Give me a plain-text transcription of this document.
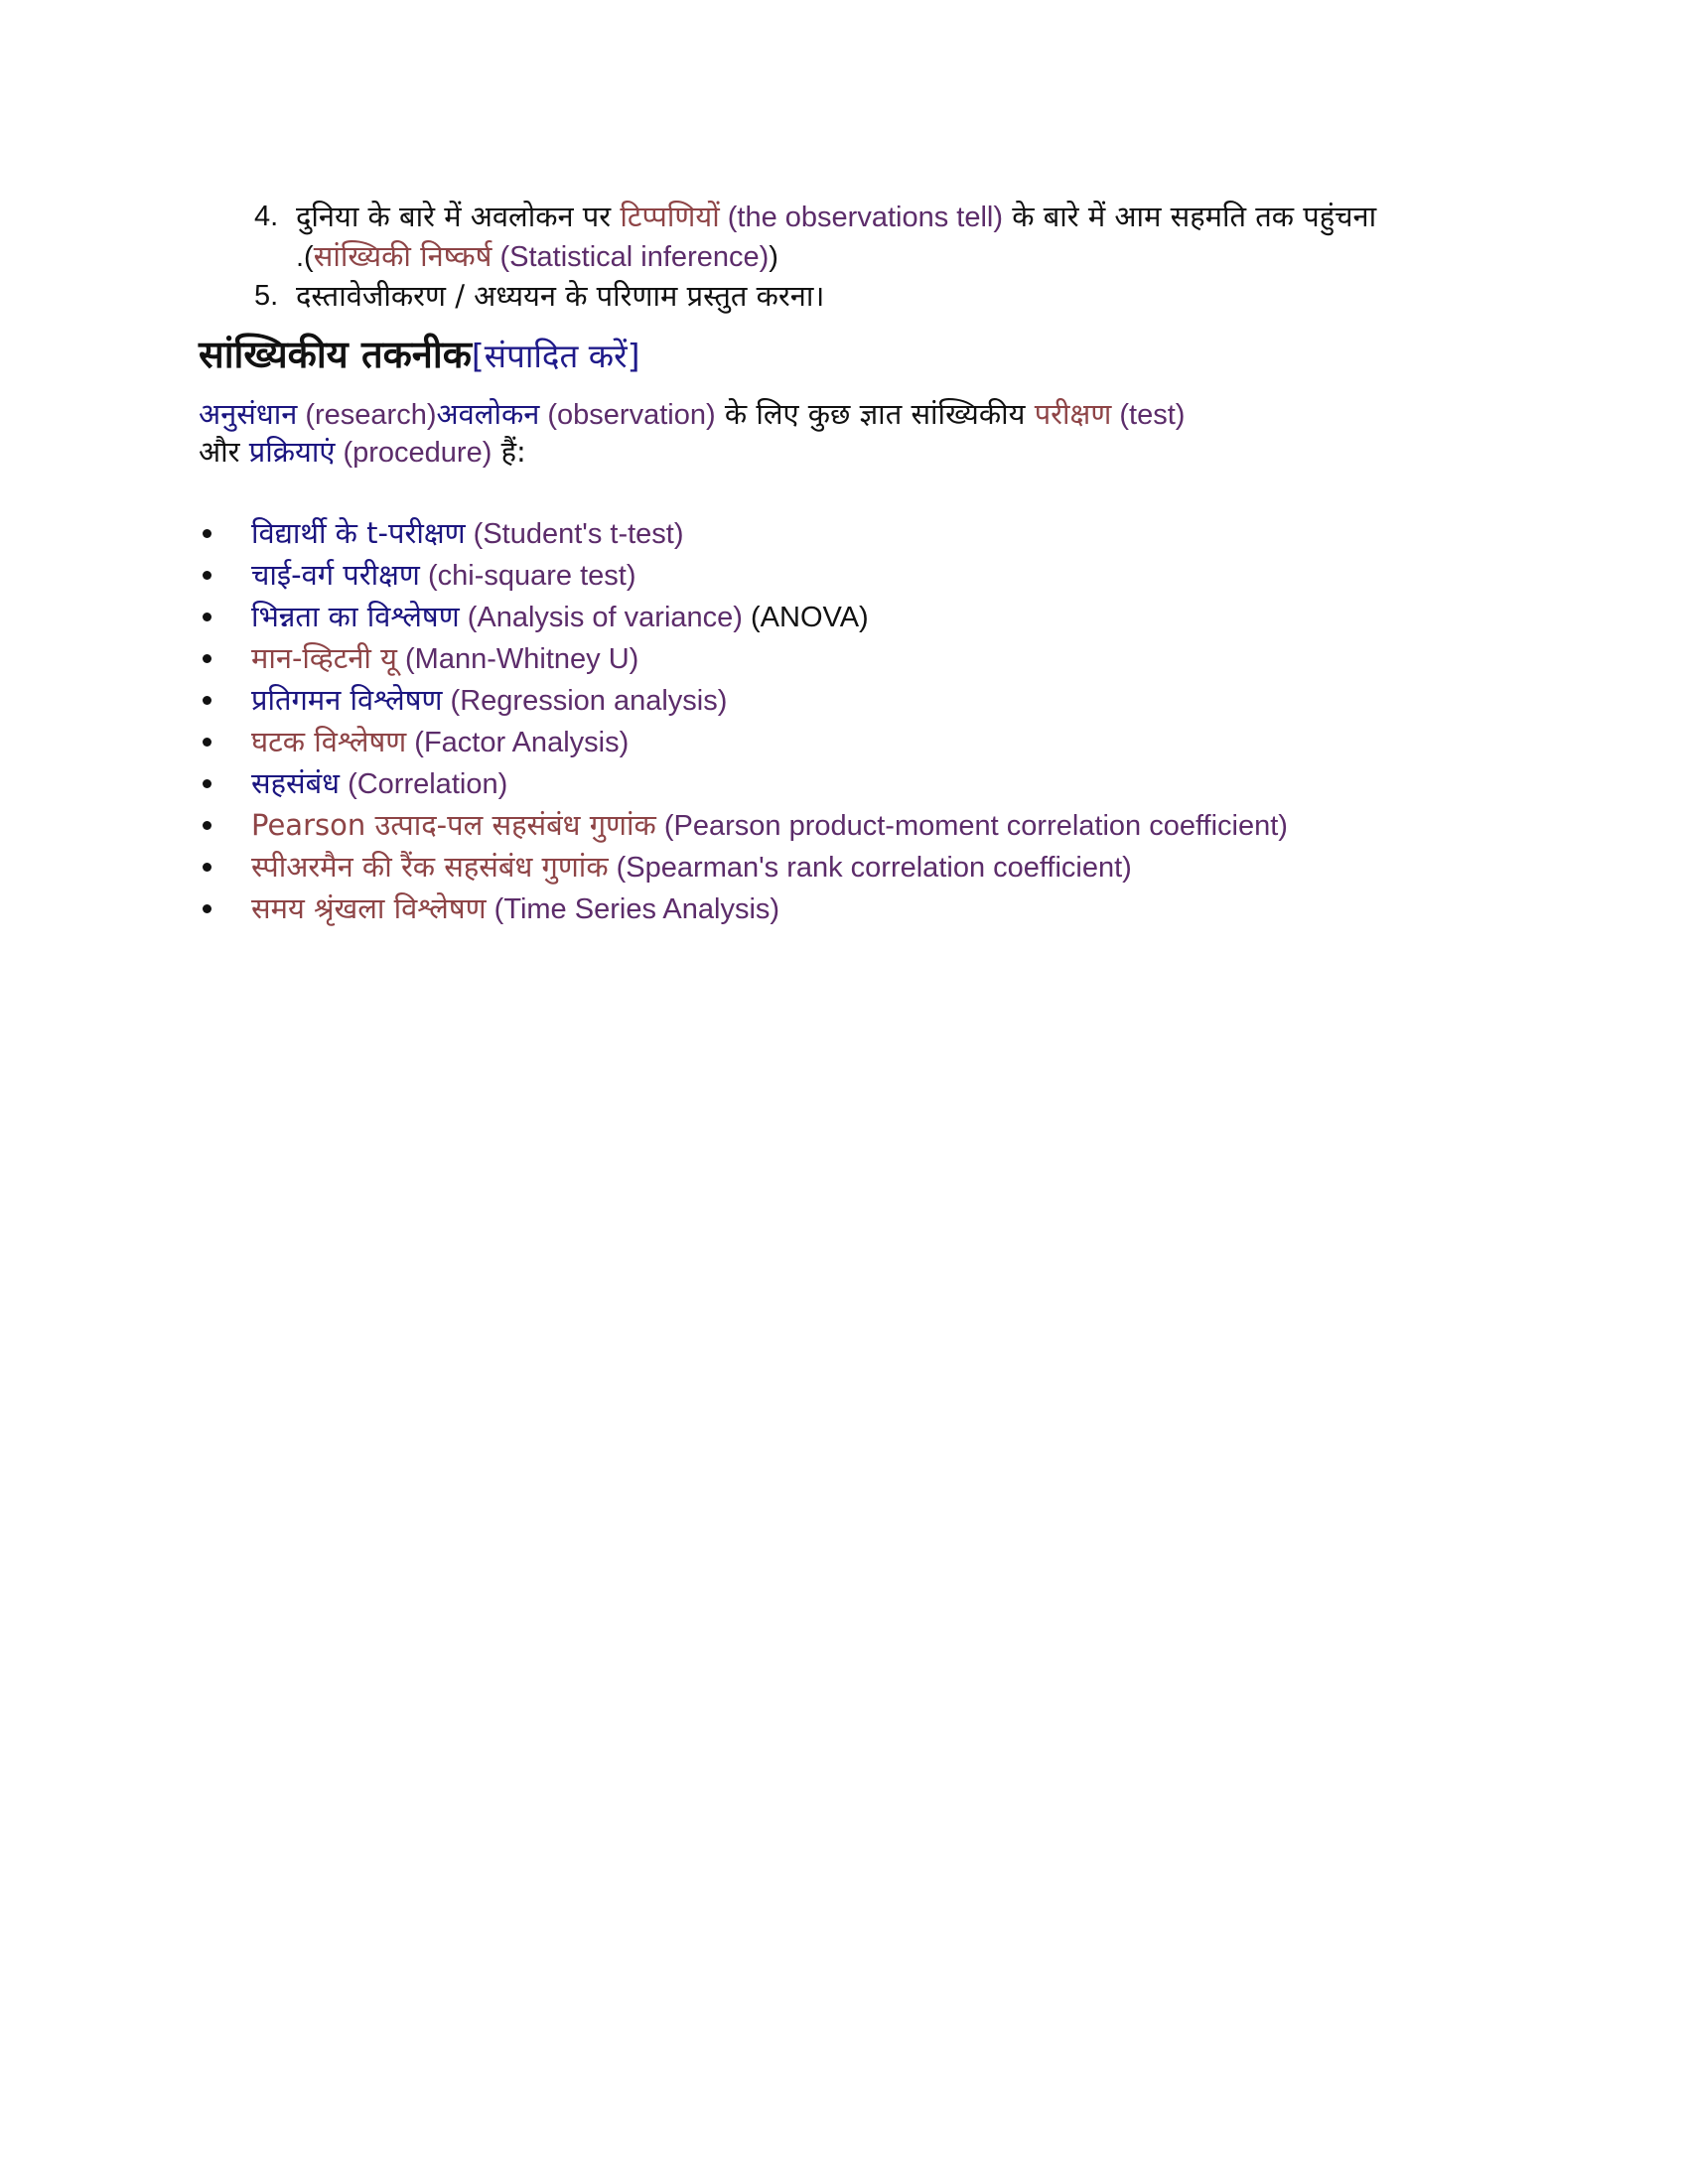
4. दुनिया के बारे में अवलोकन पर टिप्पणियों (the observations tell) के बारे में आम सहमति तक पहुंचना
.(सांख्यिकी निष्कर्ष (Statistical inference))
5. दस्तावेजीकरण / अध्ययन के परिणाम प्रस्तुत करना।
सांख्यिकीय तकनीक[संपादित करें]
अनुसंधान (research)अवलोकन (observation) के लिए कुछ ज्ञात सांख्यिकीय परीक्षण (test)
और प्रक्रियाएं (procedure) हैं:
विद्यार्थी के t-परीक्षण (Student's t-test)
चाई-वर्ग परीक्षण (chi-square test)
भिन्नता का विश्लेषण (Analysis of variance) (ANOVA)
मान-व्हिटनी यू (Mann-Whitney U)
प्रतिगमन विश्लेषण (Regression analysis)
घटक विश्लेषण (Factor Analysis)
सहसंबंध (Correlation)
Pearson उत्पाद-पल सहसंबंध गुणांक (Pearson product-moment correlation coefficient)
स्पीअरमैन की रैंक सहसंबंध गुणांक (Spearman's rank correlation coefficient)
समय श्रृंखला विश्लेषण (Time Series Analysis)
